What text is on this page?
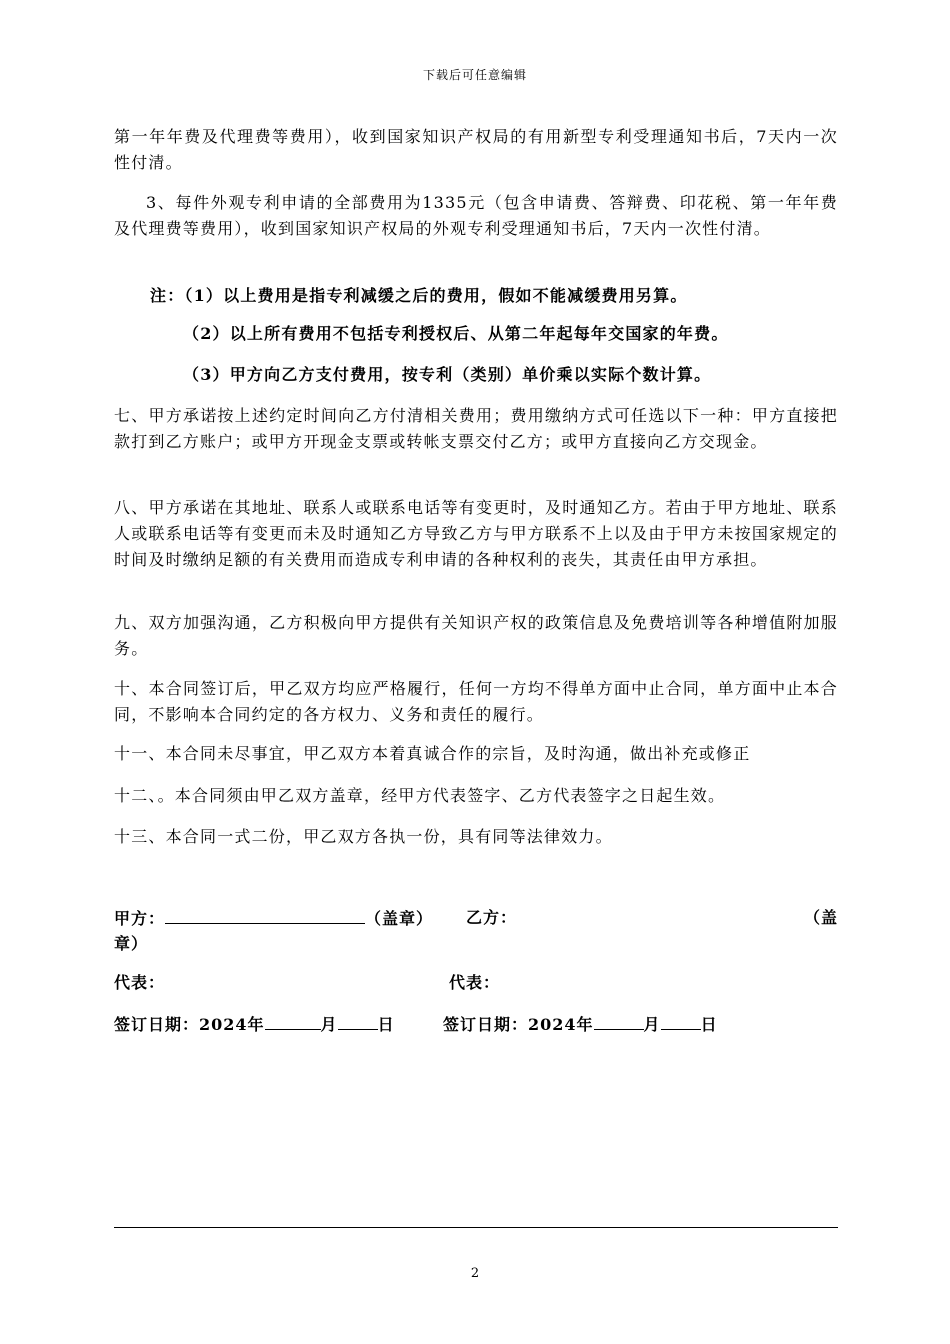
下载后可任意编辑

第一年年费及代理费等费用），收到国家知识产权局的有用新型专利受理通知书后，7天内一次性付清。

3、每件外观专利申请的全部费用为1335元（包含申请费、答辩费、印花税、第一年年费及代理费等费用），收到国家知识产权局的外观专利受理通知书后，7天内一次性付清。

注：（1）以上费用是指专利减缓之后的费用，假如不能减缓费用另算。

（2）以上所有费用不包括专利授权后、从第二年起每年交国家的年费。

（3）甲方向乙方支付费用，按专利（类别）单价乘以实际个数计算。

七、甲方承诺按上述约定时间向乙方付清相关费用；费用缴纳方式可任选以下一种：甲方直接把款打到乙方账户；或甲方开现金支票或转帐支票交付乙方；或甲方直接向乙方交现金。

八、甲方承诺在其地址、联系人或联系电话等有变更时，及时通知乙方。若由于甲方地址、联系人或联系电话等有变更而未及时通知乙方导致乙方与甲方联系不上以及由于甲方未按国家规定的时间及时缴纳足额的有关费用而造成专利申请的各种权利的丧失，其责任由甲方承担。

九、双方加强沟通，乙方积极向甲方提供有关知识产权的政策信息及免费培训等各种增值附加服务。

十、本合同签订后，甲乙双方均应严格履行，任何一方均不得单方面中止合同，单方面中止本合同，不影响本合同约定的各方权力、义务和责任的履行。

十一、本合同未尽事宜，甲乙双方本着真诚合作的宗旨，及时沟通，做出补充或修正

十二、。本合同须由甲乙双方盖章，经甲方代表签字、乙方代表签字之日起生效。

十三、本合同一式二份，甲乙双方各执一份，具有同等法律效力。

甲方：	（盖章） 乙方：	（盖
章）
代表：	代表：
签订日期：2024年	月	日	签订日期：2024年	月	日
2
